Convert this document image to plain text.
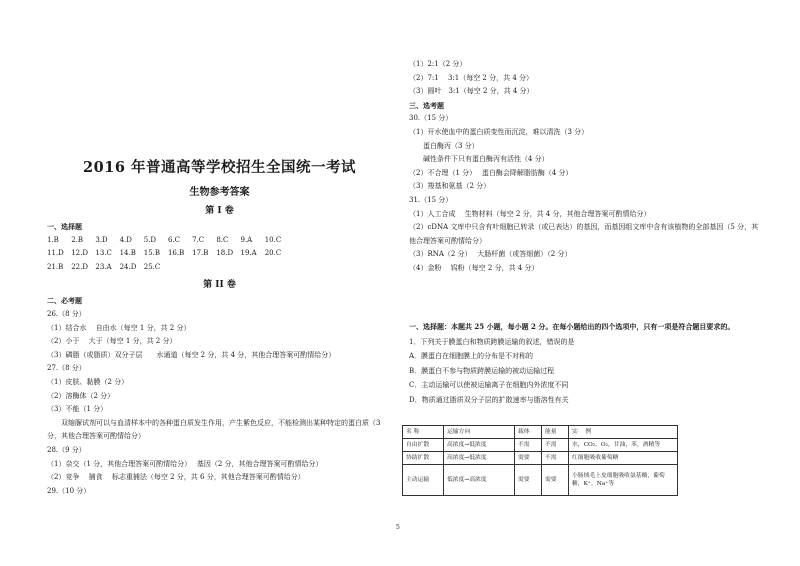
2016 年普通高等学校招生全国统一考试
生物参考答案
第 I 卷
一、选择题
1.B	2.B	3.D	4.D	5.D	6.C	7.C	8.C	9.A	10.C
11.D	12.D	13.C	14.B	15.B	16.B	17.B	18.D	19.A	20.C
21.B	22.D	23.A	24.D	25.C
第 II 卷
二、必考题
26.（8 分）
（1）结合水　 自由水（每空 1 分，共 2 分）
（2）小于　 大于（每空 1 分，共 2 分）
（3）磷脂（或脂质）双分子层　　水通道（每空 2 分，共 4 分，其他合理答案可酌情给分）
27.（8 分）
（1）皮肤、黏膜（2 分）
（2）溶酶体（2 分）
（3）不能（1 分）
双缩脲试剂可以与血清样本中的各种蛋白质发生作用，产生紫色反应，不能检测出某种特定的蛋白质（3
分，其他合理答案可酌情给分）
28.（9 分）
（1）杂交（1 分，其他合理答案可酌情给分）　 基因（2 分，其他合理答案可酌情给分）
（2）竞争　 捕食　 标志重捕法（每空 2 分，共 6 分，其他合理答案可酌情给分）
29.（10 分）
（1）2:1（2 分）
（2）7:1　 3:1（每空 2 分，共 4 分）
（3）圆叶　3:1（每空 2 分，共 4 分）
三、选考题
30.（15 分）
（1）开水使血中的蛋白质变性而沉淀，难以清洗（3 分）
蛋白酶丙（3 分）
碱性条件下只有蛋白酶丙有活性（4 分）
（2）不合理（1 分）　 蛋白酶会降解脂肪酶（4 分）
（3）羧基和氨基（2 分）
31.（15 分）
（1）人工合成　 生物材料（每空 2 分，共 4 分，其他合理答案可酌情给分）
（2）cDNA 文库中只含有叶细胞已转录（或已表达）的基因，而基因组文库中含有该植物的全部基因（5 分，其
他合理答案可酌情给分）
（3）RNA（2 分）　 大肠杆菌（或答细菌）（2 分）
（4）金粉　 钨粉（每空 2 分，共 4 分）
一、选择题：本题共 25 小题，每小题 2 分。在每小题给出的四个选项中，只有一项是符合题目要求的。
1．下列关于膜蛋白和物质跨膜运输的叙述，错误的是
A．膜蛋白在细胞膜上的分布是不对称的
B．膜蛋白不参与物质跨膜运输的被动运输过程
C．主动运输可以使被运输离子在细胞内外浓度不同
D．物质通过脂质双分子层的扩散速率与脂溶性有关
名 称	运输方向	载体	能量	实　 例
自由扩散	高浓度→低浓度	不需	不需	水，CO₂，O₂，甘油，苯，酒精等
协助扩散	高浓度→低浓度	需要	不需	红细胞吸收葡萄糖
主动运输	低浓度→高浓度	需要	需要	小肠绒毛上皮细胞吸收氨基酸，葡萄糖，K⁺，Na⁺等
5
